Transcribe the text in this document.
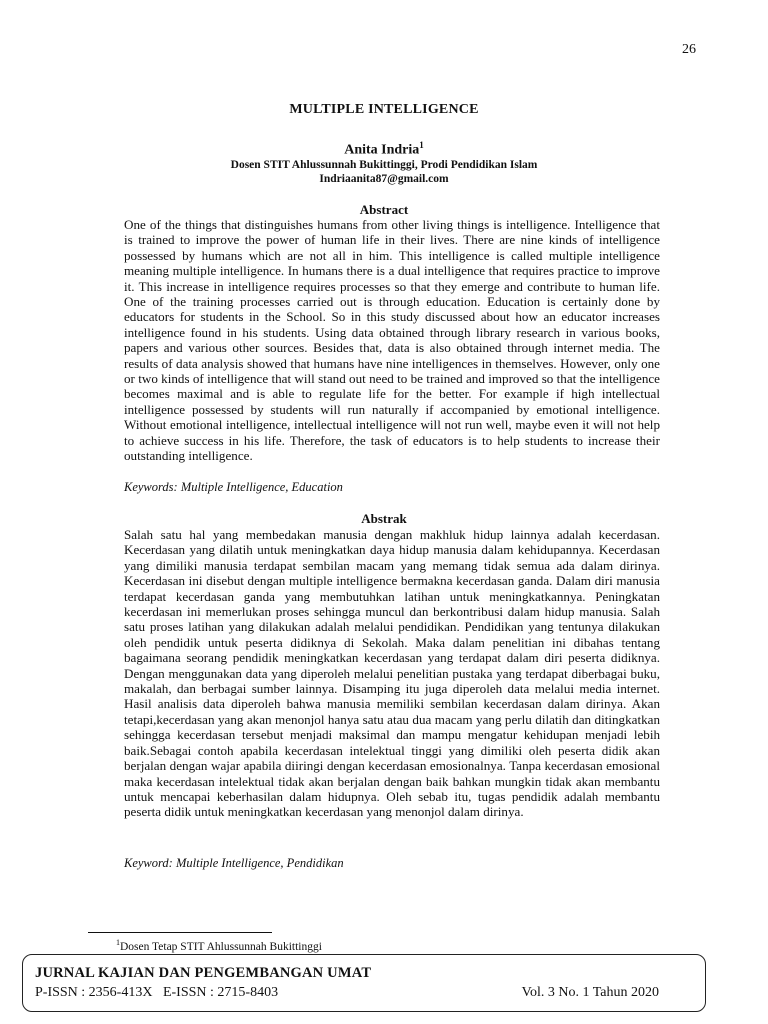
26
MULTIPLE INTELLIGENCE
Anita Indria$^1$
Dosen STIT Ahlussunnah Bukittinggi, Prodi Pendidikan Islam
Indriaanita87@gmail.com
Abstract
One of the things that distinguishes humans from other living things is intelligence. Intelligence that is trained to improve the power of human life in their lives. There are nine kinds of intelligence possessed by humans which are not all in him. This intelligence is called multiple intelligence meaning multiple intelligence. In humans there is a dual intelligence that requires practice to improve it. This increase in intelligence requires processes so that they emerge and contribute to human life. One of the training processes carried out is through education. Education is certainly done by educators for students in the School. So in this study discussed about how an educator increases intelligence found in his students. Using data obtained through library research in various books, papers and various other sources. Besides that, data is also obtained through internet media. The results of data analysis showed that humans have nine intelligences in themselves. However, only one or two kinds of intelligence that will stand out need to be trained and improved so that the intelligence becomes maximal and is able to regulate life for the better. For example if high intellectual intelligence possessed by students will run naturally if accompanied by emotional intelligence. Without emotional intelligence, intellectual intelligence will not run well, maybe even it will not help to achieve success in his life. Therefore, the task of educators is to help students to increase their outstanding intelligence.
Keywords: Multiple Intelligence, Education
Abstrak
Salah satu hal yang membedakan manusia dengan makhluk hidup lainnya adalah kecerdasan. Kecerdasan yang dilatih untuk meningkatkan daya hidup manusia dalam kehidupannya. Kecerdasan yang dimiliki manusia terdapat sembilan macam yang memang tidak semua ada dalam dirinya. Kecerdasan ini disebut dengan multiple intelligence bermakna kecerdasan ganda. Dalam diri manusia terdapat kecerdasan ganda yang membutuhkan latihan untuk meningkatkannya. Peningkatan kecerdasan ini memerlukan proses sehingga muncul dan berkontribusi dalam hidup manusia. Salah satu proses latihan yang dilakukan adalah melalui pendidikan. Pendidikan yang tentunya dilakukan oleh pendidik untuk peserta didiknya di Sekolah. Maka dalam penelitian ini dibahas tentang bagaimana seorang pendidik meningkatkan kecerdasan yang terdapat dalam diri peserta didiknya. Dengan menggunakan data yang diperoleh melalui penelitian pustaka yang terdapat diberbagai buku, makalah, dan berbagai sumber lainnya. Disamping itu juga diperoleh data melalui media internet. Hasil analisis data diperoleh bahwa manusia memiliki sembilan kecerdasan dalam dirinya. Akan tetapi,kecerdasan yang akan menonjol hanya satu atau dua macam yang perlu dilatih dan ditingkatkan sehingga kecerdasan tersebut menjadi maksimal dan mampu mengatur kehidupan menjadi lebih baik.Sebagai contoh apabila kecerdasan intelektual tinggi yang dimiliki oleh peserta didik akan berjalan dengan wajar apabila diiringi dengan kecerdasan emosionalnya. Tanpa kecerdasan emosional maka kecerdasan intelektual tidak akan berjalan dengan baik bahkan mungkin tidak akan membantu untuk mencapai keberhasilan dalam hidupnya. Oleh sebab itu, tugas pendidik adalah membantu peserta didik untuk meningkatkan kecerdasan yang menonjol dalam dirinya.
Keyword: Multiple Intelligence, Pendidikan
$^1$Dosen Tetap STIT Ahlussunnah Bukittinggi
JURNAL KAJIAN DAN PENGEMBANGAN UMAT
P-ISSN : 2356-413X   E-ISSN : 2715-8403	Vol. 3 No. 1 Tahun 2020
